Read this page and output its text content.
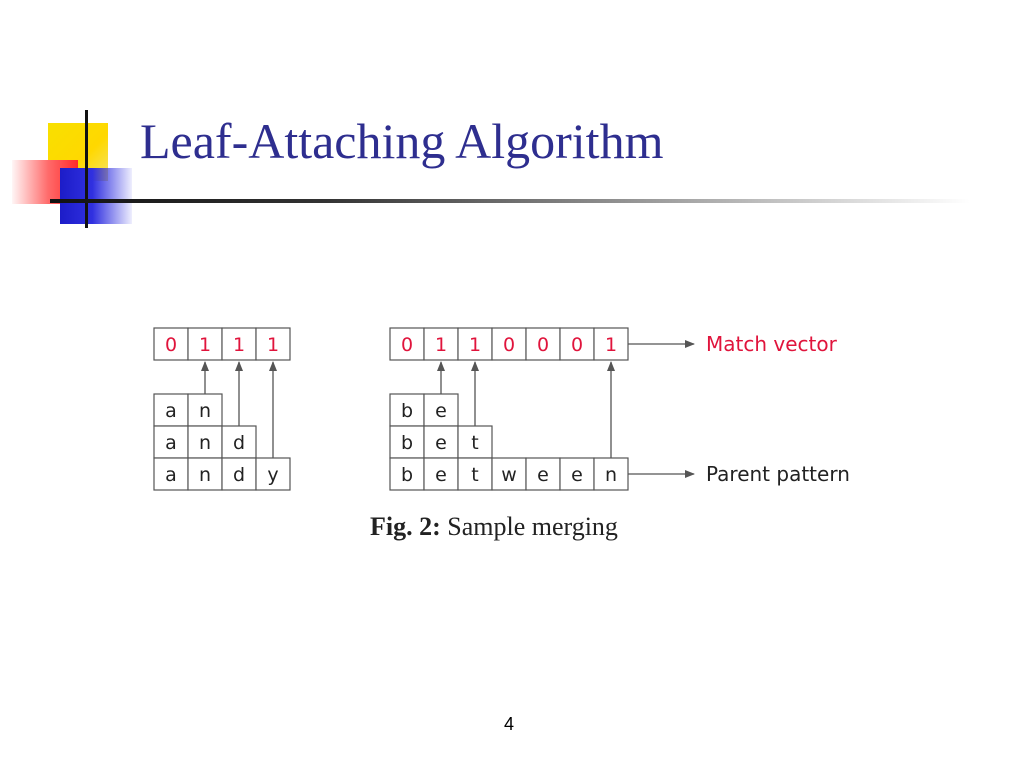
Leaf-Attaching Algorithm
0 1 1 1
a n
a n d
a n d y
0 1 1 0 0 0 1
b e
b e t
b e t w e e n
Match vector
Parent pattern
Fig. 2: Sample merging
4
